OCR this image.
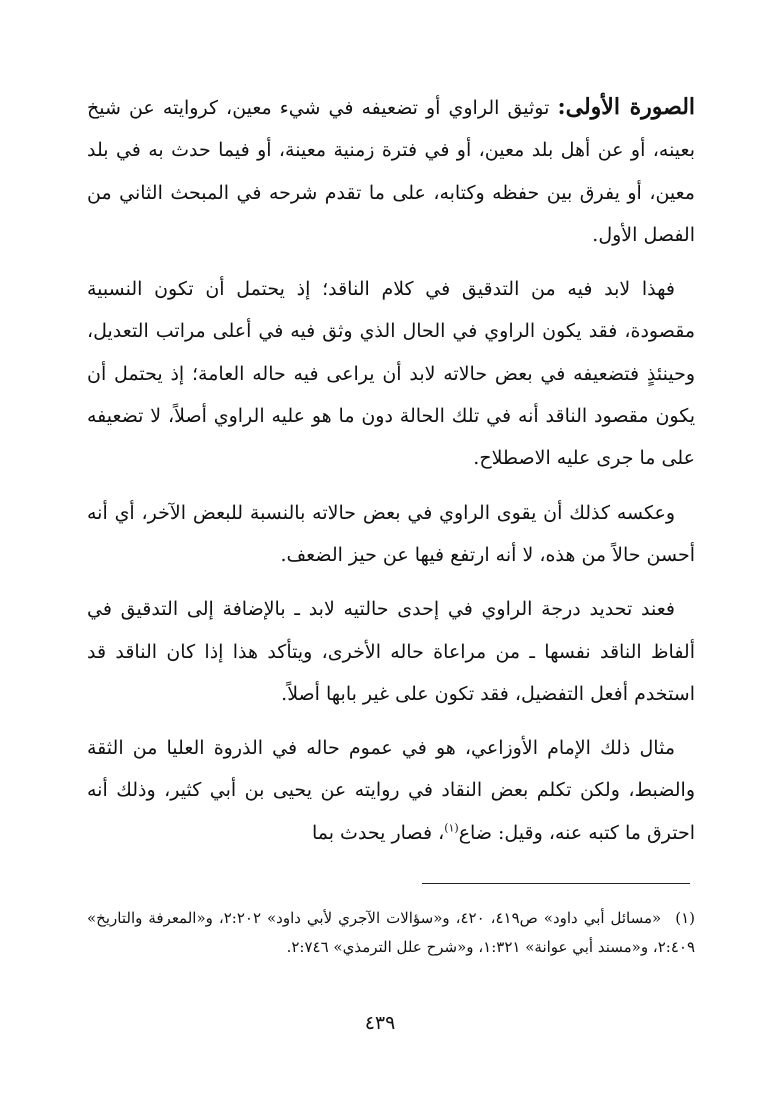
الصورة الأولى: توثيق الراوي أو تضعيفه في شيء معين، كروايته عن شيخ بعينه، أو عن أهل بلد معين، أو في فترة زمنية معينة، أو فيما حدث به في بلد معين، أو يفرق بين حفظه وكتابه، على ما تقدم شرحه في المبحث الثاني من الفصل الأول.

فهذا لابد فيه من التدقيق في كلام الناقد؛ إذ يحتمل أن تكون النسبية مقصودة، فقد يكون الراوي في الحال الذي وثق فيه في أعلى مراتب التعديل، وحينئذٍ فتضعيفه في بعض حالاته لابد أن يراعى فيه حاله العامة؛ إذ يحتمل أن يكون مقصود الناقد أنه في تلك الحالة دون ما هو عليه الراوي أصلاً، لا تضعيفه على ما جرى عليه الاصطلاح.

وعكسه كذلك أن يقوى الراوي في بعض حالاته بالنسبة للبعض الآخر، أي أنه أحسن حالاً من هذه، لا أنه ارتفع فيها عن حيز الضعف.

فعند تحديد درجة الراوي في إحدى حالتيه لابد ـ بالإضافة إلى التدقيق في ألفاظ الناقد نفسها ـ من مراعاة حاله الأخرى، ويتأكد هذا إذا كان الناقد قد استخدم أفعل التفضيل، فقد تكون على غير بابها أصلاً.

مثال ذلك الإمام الأوزاعي، هو في عموم حاله في الذروة العليا من الثقة والضبط، ولكن تكلم بعض النقاد في روايته عن يحيى بن أبي كثير، وذلك أنه احترق ما كتبه عنه، وقيل: ضاع$^{(١)}$، فصار يحدث بما

(١)«مسائل أبي داود» ص٤١٩، ٤٢٠، و«سؤالات الآجري لأبي داود» ٢:٢٠٢، و«المعرفة والتاريخ» ٢:٤٠٩، و«مسند أبي عوانة» ١:٣٢١، و«شرح علل الترمذي» ٢:٧٤٦.

٤٣٩
